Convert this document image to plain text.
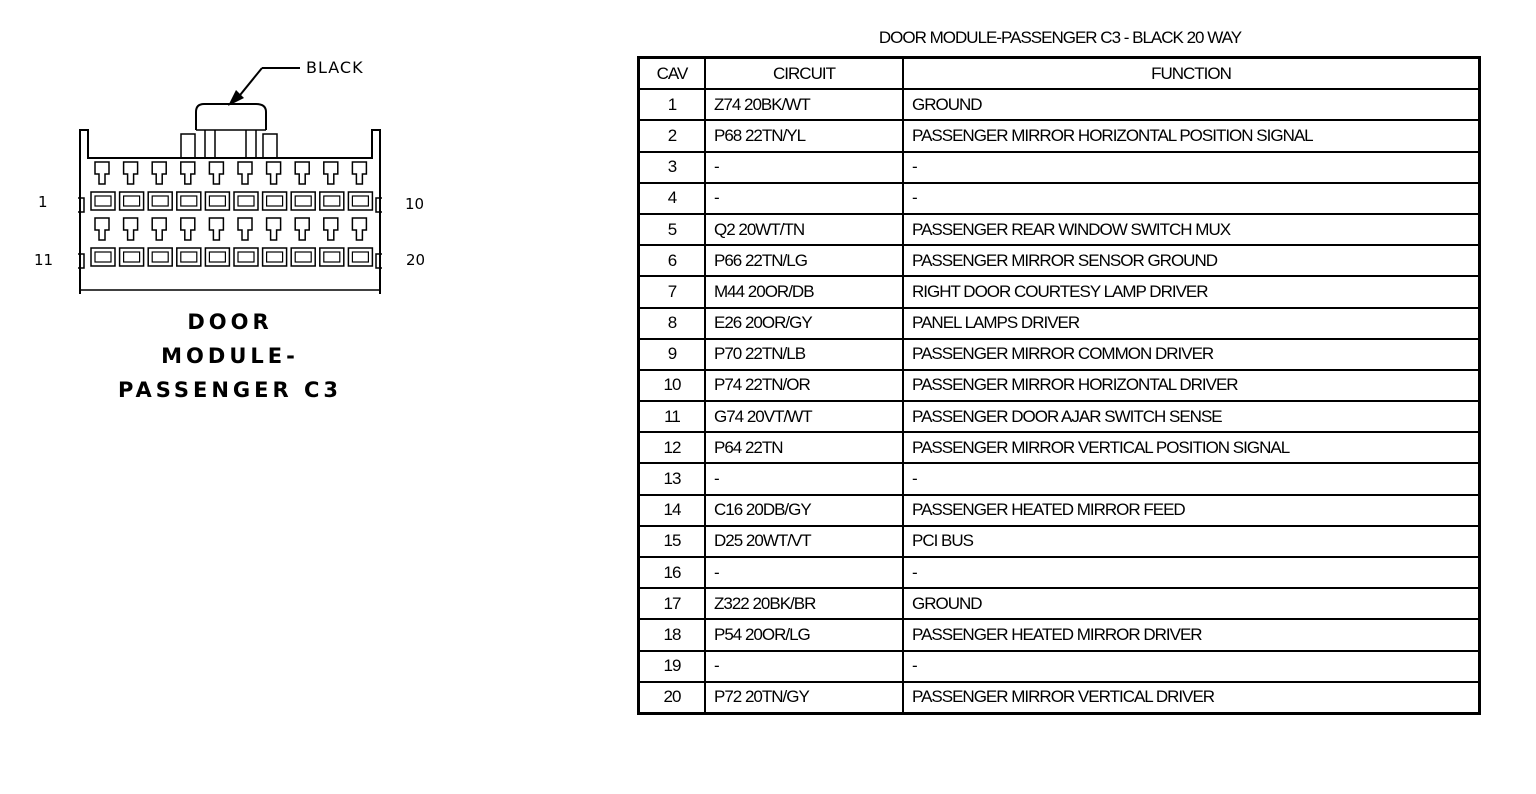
BLACK
1	10
11	20
DOOR
MODULE-
PASSENGER C3
DOOR MODULE-PASSENGER C3 - BLACK 20 WAY
CAV	CIRCUIT	FUNCTION
1	Z74 20BK/WT	GROUND
2	P68 22TN/YL	PASSENGER MIRROR HORIZONTAL POSITION SIGNAL
3	-	-
4	-	-
5	Q2 20WT/TN	PASSENGER REAR WINDOW SWITCH MUX
6	P66 22TN/LG	PASSENGER MIRROR SENSOR GROUND
7	M44 20OR/DB	RIGHT DOOR COURTESY LAMP DRIVER
8	E26 20OR/GY	PANEL LAMPS DRIVER
9	P70 22TN/LB	PASSENGER MIRROR COMMON DRIVER
10	P74 22TN/OR	PASSENGER MIRROR HORIZONTAL DRIVER
11	G74 20VT/WT	PASSENGER DOOR AJAR SWITCH SENSE
12	P64 22TN	PASSENGER MIRROR VERTICAL POSITION SIGNAL
13	-	-
14	C16 20DB/GY	PASSENGER HEATED MIRROR FEED
15	D25 20WT/VT	PCI BUS
16	-	-
17	Z322 20BK/BR	GROUND
18	P54 20OR/LG	PASSENGER HEATED MIRROR DRIVER
19	-	-
20	P72 20TN/GY	PASSENGER MIRROR VERTICAL DRIVER
